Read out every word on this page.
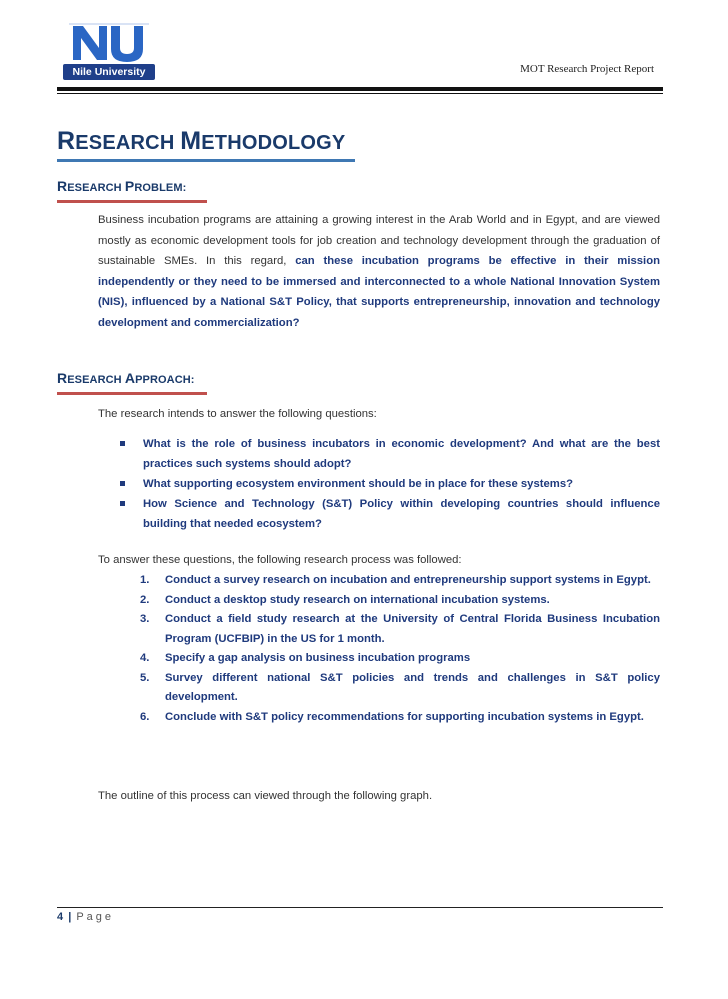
Nile University	MOT Research Project Report
RESEARCH METHODOLOGY
RESEARCH PROBLEM:
Business incubation programs are attaining a growing interest in the Arab World and in Egypt, and are viewed mostly as economic development tools for job creation and technology development through the graduation of sustainable SMEs. In this regard, can these incubation programs be effective in their mission independently or they need to be immersed and interconnected to a whole National Innovation System (NIS), influenced by a National S&T Policy, that supports entrepreneurship, innovation and technology development and commercialization?
RESEARCH APPROACH:
The research intends to answer the following questions:
What is the role of business incubators in economic development? And what are the best practices such systems should adopt?
What supporting ecosystem environment should be in place for these systems?
How Science and Technology (S&T) Policy within developing countries should influence building that needed ecosystem?
To answer these questions, the following research process was followed:
1. Conduct a survey research on incubation and entrepreneurship support systems in Egypt.
2. Conduct a desktop study research on international incubation systems.
3. Conduct a field study research at the University of Central Florida Business Incubation Program (UCFBIP) in the US for 1 month.
4. Specify a gap analysis on business incubation programs
5. Survey different national S&T policies and trends and challenges in S&T policy development.
6. Conclude with S&T policy recommendations for supporting incubation systems in Egypt.
The outline of this process can viewed through the following graph.
4 | Page
